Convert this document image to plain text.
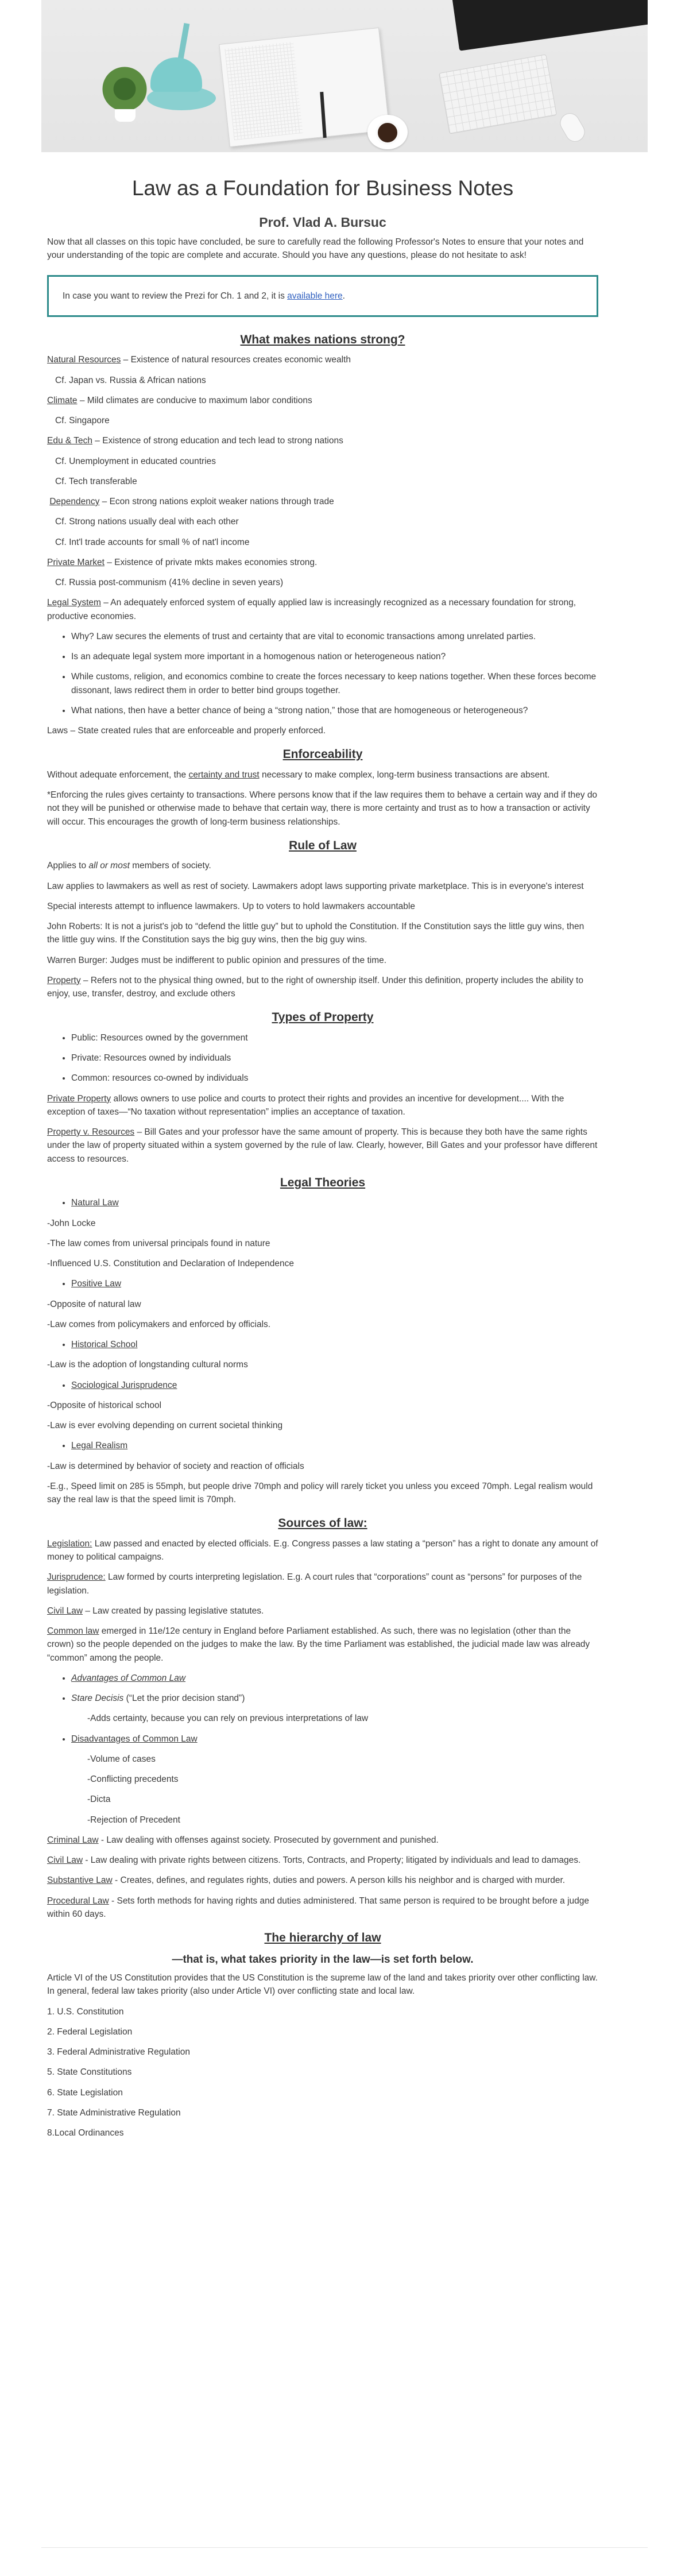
Law as a Foundation for Business Notes
Prof. Vlad A. Bursuc

Now that all classes on this topic have concluded, be sure to carefully read the following Professor's Notes to ensure that your notes and your understanding of the topic are complete and accurate. Should you have any questions, please do not hesitate to ask!

In case you want to review the Prezi for Ch. 1 and 2, it is available here.
What makes nations strong?

Natural Resources – Existence of natural resources creates economic wealth

Cf. Japan vs. Russia & African nations

Climate – Mild climates are conducive to maximum labor conditions

Cf. Singapore

Edu & Tech – Existence of strong education and tech lead to strong nations

Cf. Unemployment in educated countries

Cf. Tech transferable

Dependency – Econ strong nations exploit weaker nations through trade

Cf. Strong nations usually deal with each other

Cf. Int'l trade accounts for small % of nat'l income

Private Market – Existence of private mkts makes economies strong.

Cf. Russia post-communism (41% decline in seven years)

Legal System – An adequately enforced system of equally applied law is increasingly recognized as a necessary foundation for strong, productive economies.

• Why? Law secures the elements of trust and certainty that are vital to economic transactions among unrelated parties.
• Is an adequate legal system more important in a homogenous nation or heterogeneous nation?
• While customs, religion, and economics combine to create the forces necessary to keep nations together. When these forces become dissonant, laws redirect them in order to better bind groups together.
• What nations, then have a better chance of being a “strong nation,” those that are homogeneous or heterogeneous?

Laws – State created rules that are enforceable and properly enforced.

Enforceability

Without adequate enforcement, the certainty and trust necessary to make complex, long-term business transactions are absent.

*Enforcing the rules gives certainty to transactions. Where persons know that if the law requires them to behave a certain way and if they do not they will be punished or otherwise made to behave that certain way, there is more certainty and trust as to how a transaction or activity will occur. This encourages the growth of long-term business relationships.

Rule of Law

Applies to all or most members of society.

Law applies to lawmakers as well as rest of society. Lawmakers adopt laws supporting private marketplace. This is in everyone's interest

Special interests attempt to influence lawmakers. Up to voters to hold lawmakers accountable

John Roberts: It is not a jurist's job to “defend the little guy” but to uphold the Constitution. If the Constitution says the little guy wins, then the little guy wins. If the Constitution says the big guy wins, then the big guy wins.

Warren Burger: Judges must be indifferent to public opinion and pressures of the time.

Property – Refers not to the physical thing owned, but to the right of ownership itself. Under this definition, property includes the ability to enjoy, use, transfer, destroy, and exclude others

Types of Property
• Public: Resources owned by the government
• Private: Resources owned by individuals
• Common: resources co-owned by individuals

Private Property allows owners to use police and courts to protect their rights and provides an incentive for development.... With the exception of taxes—“No taxation without representation” implies an acceptance of taxation.

Property v. Resources – Bill Gates and your professor have the same amount of property. This is because they both have the same rights under the law of property situated within a system governed by the rule of law. Clearly, however, Bill Gates and your professor have different access to resources.

Legal Theories
• Natural Law

-John Locke

-The law comes from universal principals found in nature

-Influenced U.S. Constitution and Declaration of Independence

• Positive Law

-Opposite of natural law

-Law comes from policymakers and enforced by officials.

• Historical School

-Law is the adoption of longstanding cultural norms

• Sociological Jurisprudence

-Opposite of historical school

-Law is ever evolving depending on current societal thinking

• Legal Realism

-Law is determined by behavior of society and reaction of officials

-E.g., Speed limit on 285 is 55mph, but people drive 70mph and policy will rarely ticket you unless you exceed 70mph. Legal realism would say the real law is that the speed limit is 70mph.

Sources of law:

Legislation: Law passed and enacted by elected officials. E.g. Congress passes a law stating a “person” has a right to donate any amount of money to political campaigns.

Jurisprudence: Law formed by courts interpreting legislation. E.g. A court rules that “corporations” count as “persons” for purposes of the legislation.

Civil Law – Law created by passing legislative statutes.

Common law emerged in 11e/12e century in England before Parliament established. As such, there was no legislation (other than the crown) so the people depended on the judges to make the law. By the time Parliament was established, the judicial made law was already “common” among the people.

• Advantages of Common Law
• Stare Decisis (“Let the prior decision stand”)
-Adds certainty, because you can rely on previous interpretations of law
• Disadvantages of Common Law
-Volume of cases
-Conflicting precedents
-Dicta
-Rejection of Precedent

Criminal Law - Law dealing with offenses against society. Prosecuted by government and punished.

Civil Law - Law dealing with private rights between citizens. Torts, Contracts, and Property; litigated by individuals and lead to damages.

Substantive Law - Creates, defines, and regulates rights, duties and powers. A person kills his neighbor and is charged with murder.

Procedural Law - Sets forth methods for having rights and duties administered. That same person is required to be brought before a judge within 60 days.

The hierarchy of law
—that is, what takes priority in the law—is set forth below.

Article VI of the US Constitution provides that the US Constitution is the supreme law of the land and takes priority over other conflicting law. In general, federal law takes priority (also under Article VI) over conflicting state and local law.

1. U.S. Constitution

2. Federal Legislation

3. Federal Administrative Regulation

5. State Constitutions

6. State Legislation

7. State Administrative Regulation

8.Local Ordinances
